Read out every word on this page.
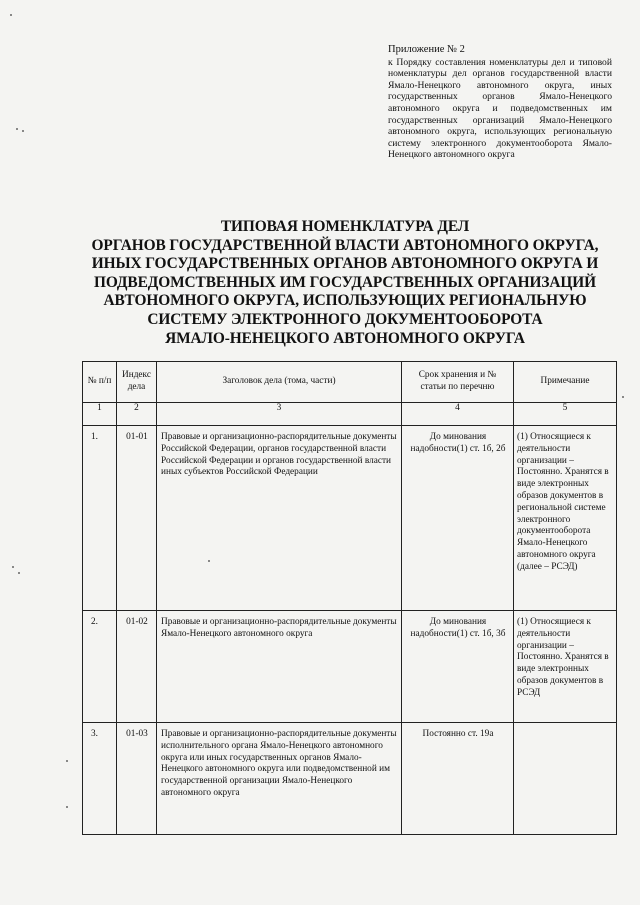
Приложение № 2
к Порядку составления номенклатуры дел и типовой номенклатуры дел органов государственной власти Ямало-Ненецкого автономного округа, иных государственных органов Ямало-Ненецкого автономного округа и подведомственных им государственных организаций Ямало-Ненецкого автономного округа, использующих региональную систему электронного документооборота Ямало-Ненецкого автономного округа
ТИПОВАЯ НОМЕНКЛАТУРА ДЕЛ
ОРГАНОВ ГОСУДАРСТВЕННОЙ ВЛАСТИ АВТОНОМНОГО ОКРУГА,
ИНЫХ ГОСУДАРСТВЕННЫХ ОРГАНОВ АВТОНОМНОГО ОКРУГА И
ПОДВЕДОМСТВЕННЫХ ИМ ГОСУДАРСТВЕННЫХ ОРГАНИЗАЦИЙ
АВТОНОМНОГО ОКРУГА, ИСПОЛЬЗУЮЩИХ РЕГИОНАЛЬНУЮ
СИСТЕМУ ЭЛЕКТРОННОГО ДОКУМЕНТООБОРОТА
ЯМАЛО-НЕНЕЦКОГО АВТОНОМНОГО ОКРУГА
№ п/п	Индекс дела	Заголовок дела (тома, части)	Срок хранения и № статьи по перечню	Примечание

1	2	3	4	5

1.	01-01	Правовые и организационно-распорядительные документы Российской Федерации, органов государственной власти Российской Федерации и органов государственной власти иных субъектов Российской Федерации	До минования надобности(1) ст. 1б, 2б	(1) Относящиеся к деятельности организации – Постоянно. Хранятся в виде электронных образов документов в региональной системе электронного документооборота Ямало-Ненецкого автономного округа (далее – РСЭД)

2.	01-02	Правовые и организационно-распорядительные документы Ямало-Ненецкого автономного округа	До минования надобности(1) ст. 1б, 3б	(1) Относящиеся к деятельности организации – Постоянно. Хранятся в виде электронных образов документов в РСЭД

3.	01-03	Правовые и организационно-распорядительные документы исполнительного органа Ямало-Ненецкого автономного округа или иных государственных органов Ямало-Ненецкого автономного округа или подведомственной им государственной организации Ямало-Ненецкого автономного округа	Постоянно ст. 19а	
